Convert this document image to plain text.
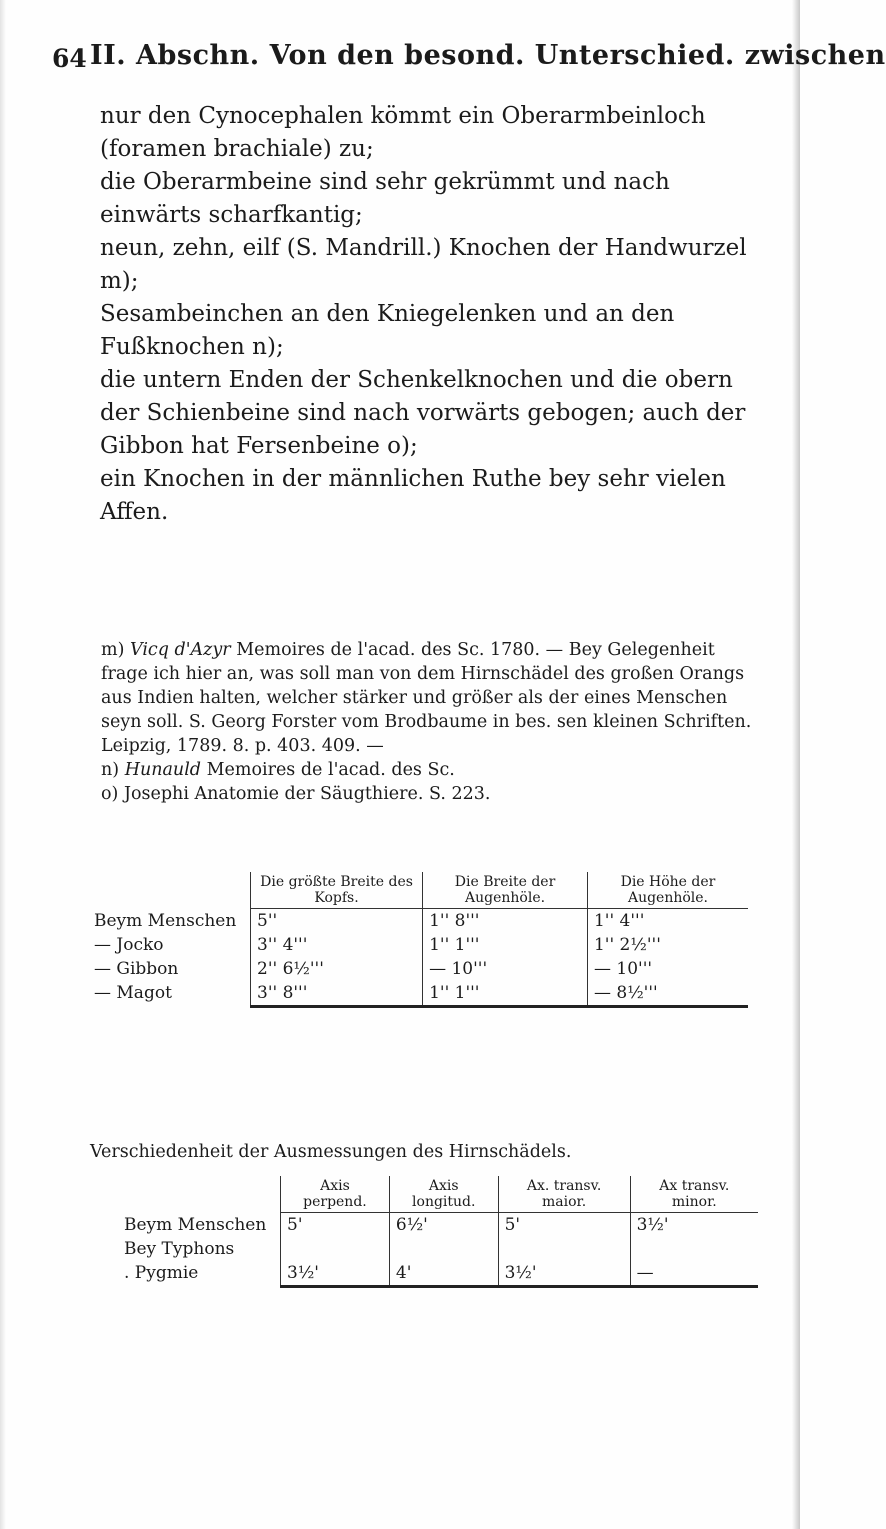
64 II. Abschn. Von den besond. Unterschied. zwischen

nur den Cynocephalen kömmt ein Oberarmbeinloch (foramen brachiale) zu;

die Oberarmbeine sind sehr gekrümmt und nach einwärts scharfkantig;

neun, zehn, eilf (S. Mandrill.) Knochen der Handwurzel m);

Sesambeinchen an den Kniegelenken und an den Fußknochen n);

die untern Enden der Schenkelknochen und die obern der Schienbeine sind nach vorwärts gebogen; auch der Gibbon hat Fersenbeine o);

ein Knochen in der männlichen Ruthe bey sehr vielen Affen.

m) Vicq d'Azyr Memoires de l'acad. des Sc. 1780. — Bey Gelegenheit frage ich hier an, was soll man von dem Hirnschädel des großen Orangs aus Indien halten, welcher stärker und größer als der eines Menschen seyn soll. S. Georg Forster vom Brodbaume in bes. sen kleinen Schriften. Leipzig, 1789. 8. p. 403. 409. —

n) Hunauld Memoires de l'acad. des Sc.

o) Josephi Anatomie der Säugthiere. S. 223.

	Die größte Breite des Kopfs.	Die Breite der Augenhöle.	Die Höhe der Augenhöle.
Beym Menschen	5''	1'' 8'''	1'' 4'''
— Jocko	3'' 4'''	1'' 1'''	1'' 2½'''
— Gibbon	2'' 6½'''	— 10'''	— 10'''
— Magot	3'' 8'''	1'' 1'''	— 8½'''
Verschiedenheit der Ausmessungen des Hirnschädels.
	Axis perpend.	Axis longitud.	Ax. transv. maior.	Ax transv. minor.
Beym Menschen	5'	6½'	5'	3½'
Bey Typhons				
. Pygmie	3½'	4'	3½'	—
